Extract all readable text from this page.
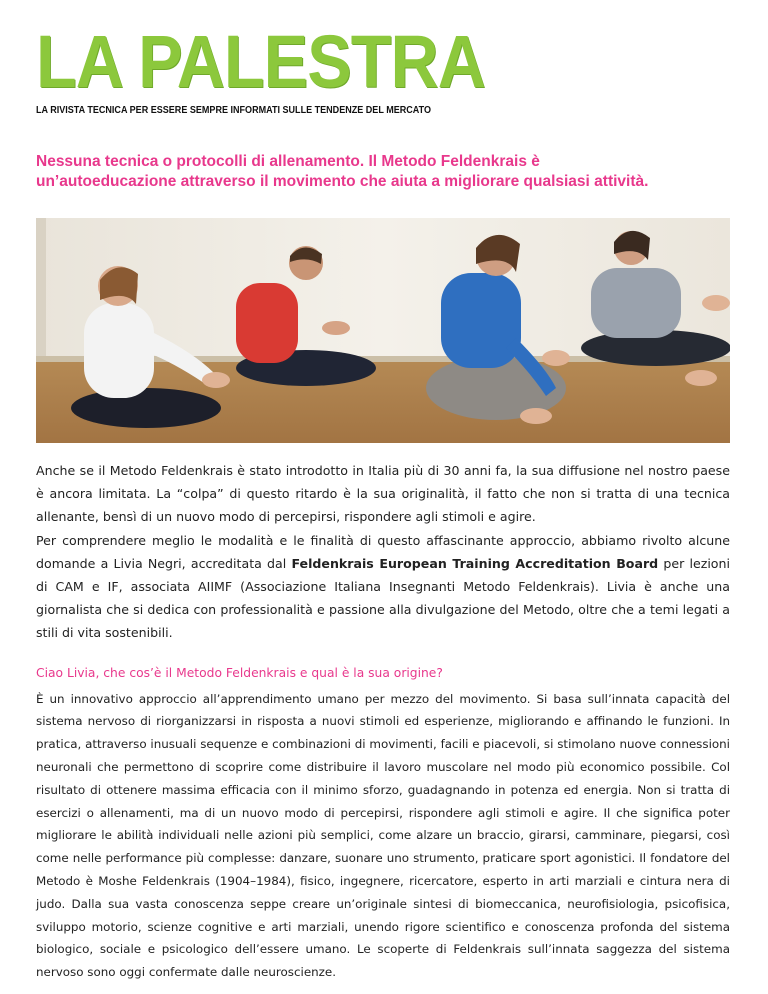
LA PALESTRA
LA RIVISTA TECNICA PER ESSERE SEMPRE INFORMATI SULLE TENDENZE DEL MERCATO
Nessuna tecnica o protocolli di allenamento. Il Metodo Feldenkrais è
un’autoeducazione attraverso il movimento che aiuta a migliorare qualsiasi attività.

Anche se il Metodo Feldenkrais è stato introdotto in Italia più di 30 anni fa, la sua diffusione nel nostro paese è ancora limitata. La “colpa” di questo ritardo è la sua originalità, il fatto che non si tratta di una tecnica allenante, bensì di un nuovo modo di percepirsi, rispondere agli stimoli e agire.
Per comprendere meglio le modalità e le finalità di questo affascinante approccio, abbiamo rivolto alcune domande a Livia Negri, accreditata dal Feldenkrais European Training Accreditation Board per lezioni di CAM e IF, associata AIIMF (Associazione Italiana Insegnanti Metodo Feldenkrais). Livia è anche una giornalista che si dedica con professionalità e passione alla divulgazione del Metodo, oltre che a temi legati a stili di vita sostenibili.

Ciao Livia, che cos’è il Metodo Feldenkrais e qual è la sua origine?

È un innovativo approccio all’apprendimento umano per mezzo del movimento. Si basa sull’innata capacità del sistema nervoso di riorganizzarsi in risposta a nuovi stimoli ed esperienze, migliorando e affinando le funzioni. In pratica, attraverso inusuali sequenze e combinazioni di movimenti, facili e piacevoli, si stimolano nuove connessioni neuronali che permettono di scoprire come distribuire il lavoro muscolare nel modo più economico possibile. Col risultato di ottenere massima efficacia con il minimo sforzo, guadagnando in potenza ed energia. Non si tratta di esercizi o allenamenti, ma di un nuovo modo di percepirsi, rispondere agli stimoli e agire. Il che significa poter migliorare le abilità individuali nelle azioni più semplici, come alzare un braccio, girarsi, camminare, piegarsi, così come nelle performance più complesse: danzare, suonare uno strumento, praticare sport agonistici. Il fondatore del Metodo è Moshe Feldenkrais (1904–1984), fisico, ingegnere, ricercatore, esperto in arti marziali e cintura nera di judo. Dalla sua vasta conoscenza seppe creare un’originale sintesi di biomeccanica, neurofisiologia, psicofisica, sviluppo motorio, scienze cognitive e arti marziali, unendo rigore scientifico e conoscenza profonda del sistema biologico, sociale e psicologico dell’essere umano. Le scoperte di Feldenkrais sull’innata saggezza del sistema nervoso sono oggi confermate dalle neuroscienze.
